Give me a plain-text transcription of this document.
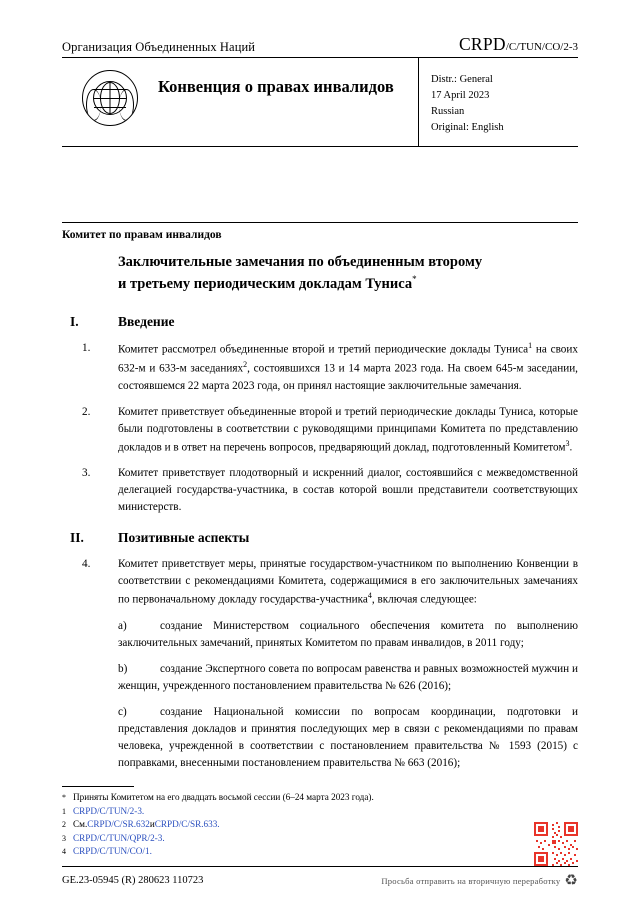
Организация Объединенных Наций	CRPD/C/TUN/CO/2-3
Конвенция о правах инвалидов	Distr.: General
17 April 2023
Russian
Original: English
Комитет по правам инвалидов
Заключительные замечания по объединенным второму
и третьему периодическим докладам Туниса*
I.	Введение

1.	Комитет рассмотрел объединенные второй и третий периодические доклады Туниса$^1$ на своих 632-м и 633-м заседаниях$^2$, состоявшихся 13 и 14 марта 2023 года. На своем 645-м заседании, состоявшемся 22 марта 2023 года, он принял настоящие заключительные замечания.

2.	Комитет приветствует объединенные второй и третий периодические доклады Туниса, которые были подготовлены в соответствии с руководящими принципами Комитета по представлению докладов и в ответ на перечень вопросов, предваряющий доклад, подготовленный Комитетом$^3$.

3.	Комитет приветствует плодотворный и искренний диалог, состоявшийся с межведомственной делегацией государства-участника, в состав которой вошли представители соответствующих министерств.

II.	Позитивные аспекты

4.	Комитет приветствует меры, принятые государством-участником по выполнению Конвенции в соответствии с рекомендациями Комитета, содержащимися в его заключительных замечаниях по первоначальному докладу государства-участника$^4$, включая следующее:

a)	создание Министерством социального обеспечения комитета по выполнению заключительных замечаний, принятых Комитетом по правам инвалидов, в 2011 году;

b)	создание Экспертного совета по вопросам равенства и равных возможностей мужчин и женщин, учрежденного постановлением правительства № 626 (2016);

c)	создание Национальной комиссии по вопросам координации, подготовки и представления докладов и принятия последующих мер в связи с рекомендациями по правам человека, учрежденной в соответствии с постановлением правительства № 1593 (2015) с поправками, внесенными постановлением правительства № 663 (2016);

* Приняты Комитетом на его двадцать восьмой сессии (6–24 марта 2023 года).
1 CRPD/C/TUN/2-3.
2 См. CRPD/C/SR.632 и CRPD/C/SR.633.
3 CRPD/C/TUN/QPR/2-3.
4 CRPD/C/TUN/CO/1.
GE.23-05945 (R) 280623 110723	Просьба отправить на вторичную переработку ♻
